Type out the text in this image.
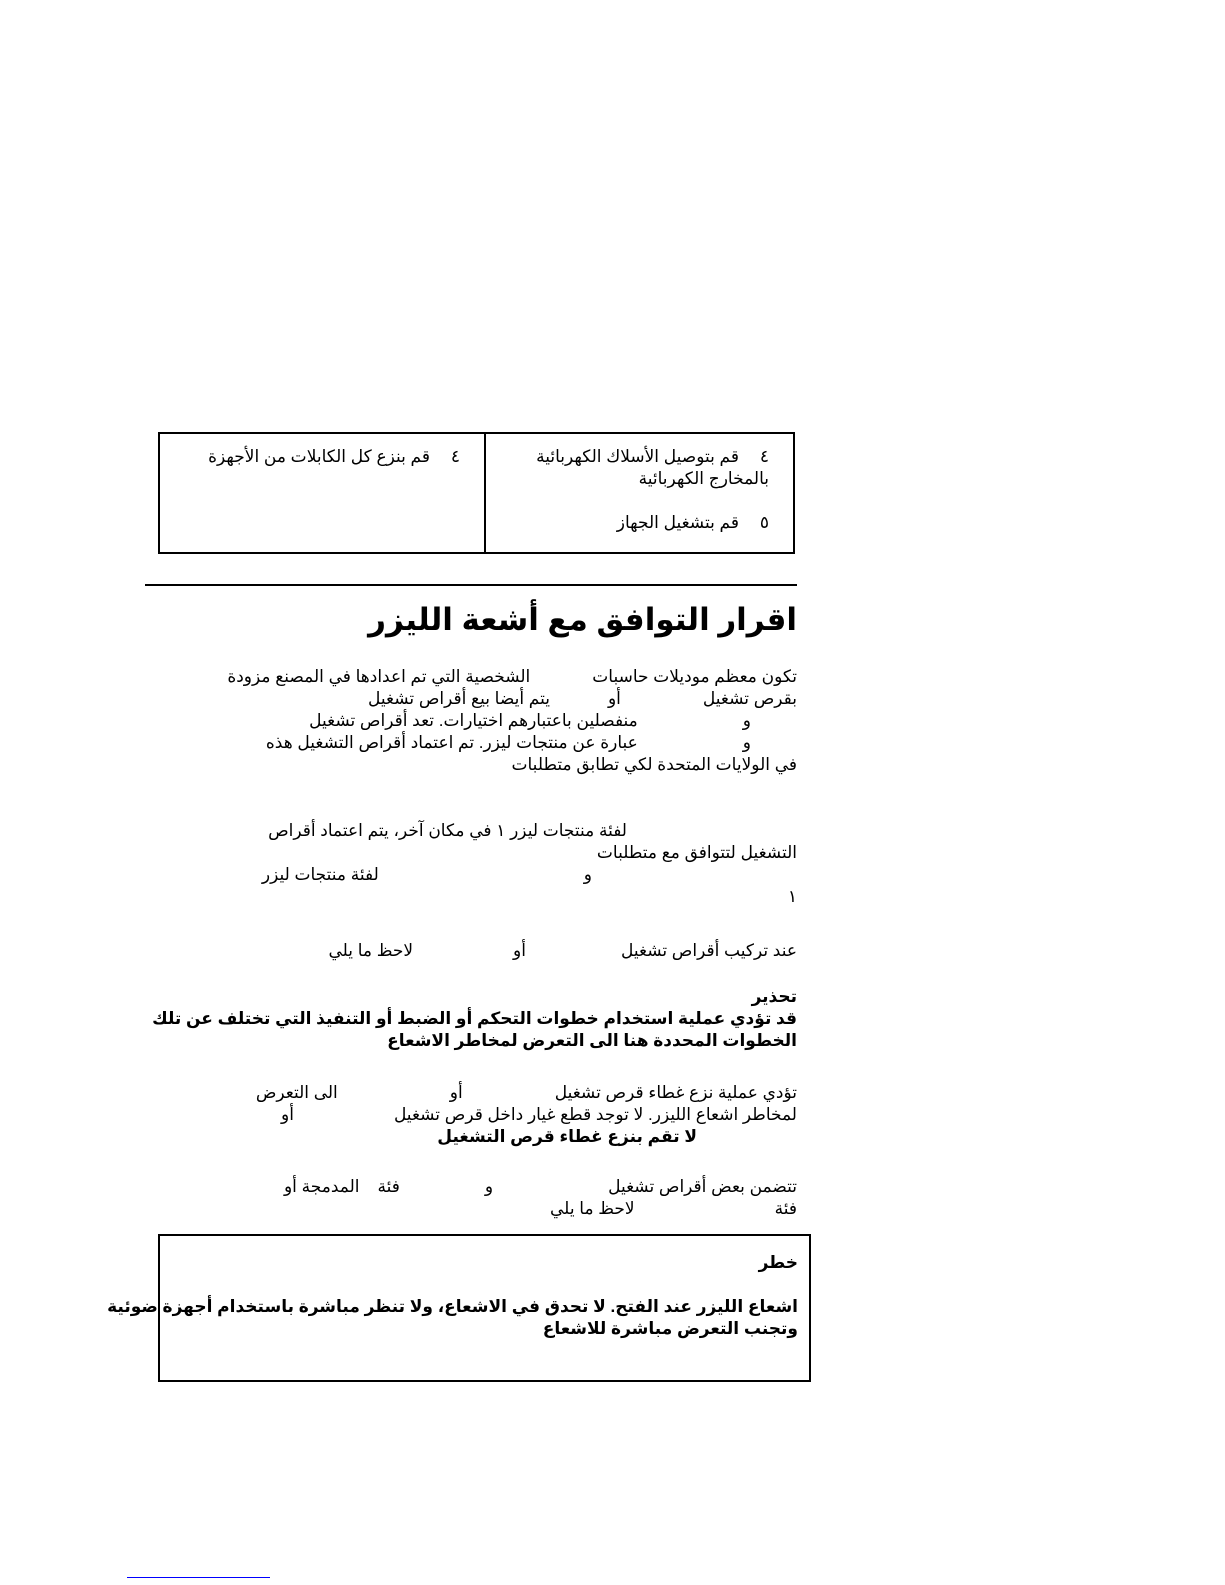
٤قم بنزع كل الكابلات من الأجهزة	٤قم بتوصيل الأسلاك الكهربائية
بالمخارج الكهربائية
٥قم بتشغيل الجهاز
اقرار التوافق مع أشعة الليزر
تكون معظم موديلات حاسباتالشخصية التي تم اعدادها في المصنع مزودة
بقرص تشغيلأويتم أيضا بيع أقراص تشغيل
ومنفصلين باعتبارهم اختيارات. تعد أقراص تشغيل
وعبارة عن منتجات ليزر. تم اعتماد أقراص التشغيل هذه
في الولايات المتحدة لكي تطابق متطلبات
لفئة منتجات ليزر ١ في مكان آخر، يتم اعتماد أقراص
التشغيل لتتوافق مع متطلبات
ولفئة منتجات ليزر
١
عند تركيب أقراص تشغيلأولاحظ ما يلي
تحذير
قد تؤدي عملية استخدام خطوات التحكم أو الضبط أو التنفيذ التي تختلف عن تلك
الخطوات المحددة هنا الى التعرض لمخاطر الاشعاع
تؤدي عملية نزع غطاء قرص تشغيلأوالى التعرض
لمخاطر اشعاع الليزر. لا توجد قطع غيار داخل قرص تشغيلأو
لا تقم بنزع غطاء قرص التشغيل
تتضمن بعض أقراص تشغيلوفئةالمدمجة أو
فئةلاحظ ما يلي
خطر
اشعاع الليزر عند الفتح. لا تحدق في الاشعاع، ولا تنظر مباشرة باستخدام أجهزة ضوئية
وتجنب التعرض مباشرة للاشعاع
